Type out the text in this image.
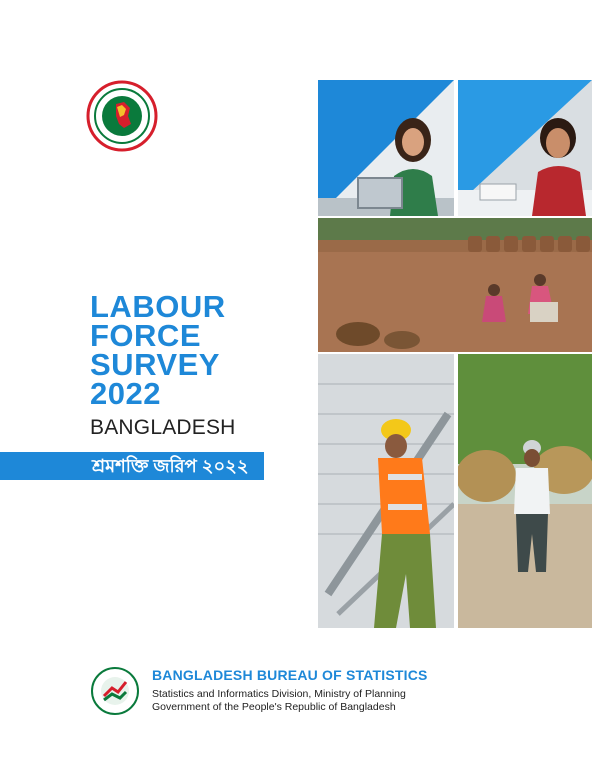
LABOUR
FORCE
SURVEY
2022
BANGLADESH
শ্রমশক্তি জরিপ ২০২২
BANGLADESH BUREAU OF STATISTICS
Statistics and Informatics Division, Ministry of Planning
Government of the People's Republic of Bangladesh
